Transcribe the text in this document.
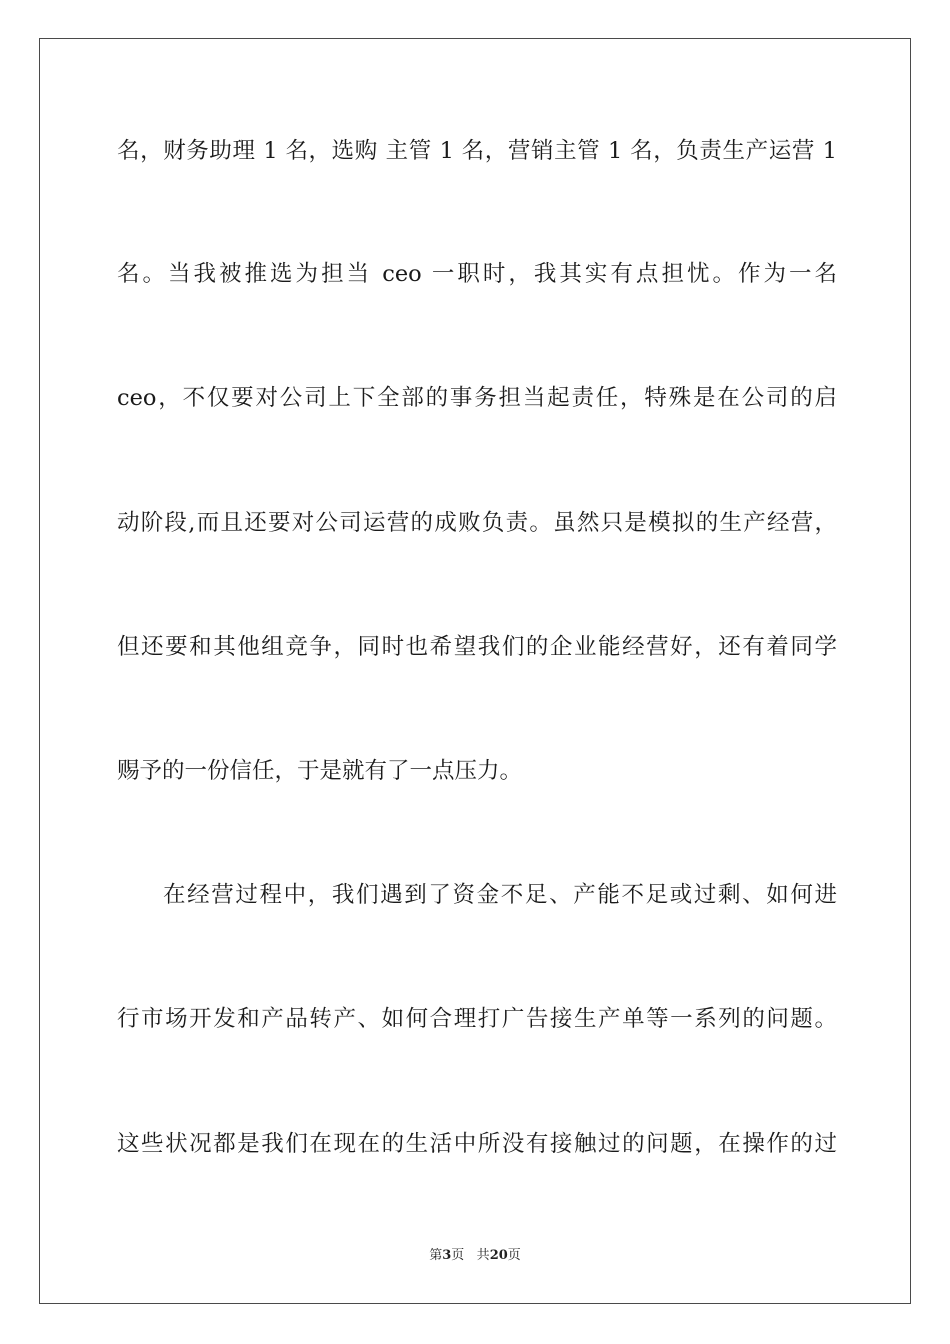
名，财务助理 1 名，选购 主管 1 名，营销主管 1 名，负责生产运营 1
名。当我被推选为担当 ceo 一职时，我其实有点担忧。作为一名
ceo，不仅要对公司上下全部的事务担当起责任，特殊是在公司的启
动阶段,而且还要对公司运营的成败负责。虽然只是模拟的生产经营，
但还要和其他组竞争，同时也希望我们的企业能经营好，还有着同学
赐予的一份信任，于是就有了一点压力。
在经营过程中，我们遇到了资金不足、产能不足或过剩、如何进
行市场开发和产品转产、如何合理打广告接生产单等一系列的问题。
这些状况都是我们在现在的生活中所没有接触过的问题，在操作的过
第3页 共20页
